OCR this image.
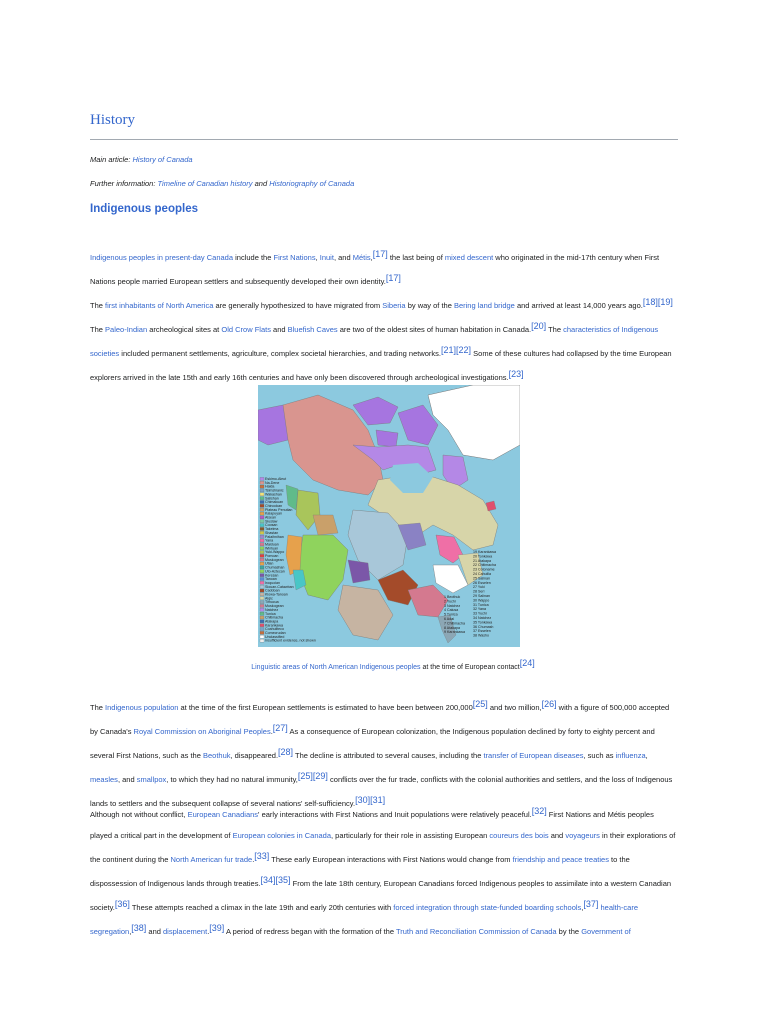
History
Main article: History of Canada
Further information: Timeline of Canadian history and Historiography of Canada
Indigenous peoples

Indigenous peoples in present-day Canada include the First Nations, Inuit, and Métis,[17] the last being of mixed descent who originated in the mid-17th century when First Nations people married European settlers and subsequently developed their own identity.[17]

The first inhabitants of North America are generally hypothesized to have migrated from Siberia by way of the Bering land bridge and arrived at least 14,000 years ago.[18][19] The Paleo-Indian archeological sites at Old Crow Flats and Bluefish Caves are two of the oldest sites of human habitation in Canada.[20] The characteristics of Indigenous societies included permanent settlements, agriculture, complex societal hierarchies, and trading networks.[21][22] Some of these cultures had collapsed by the time European explorers arrived in the late 15th and early 16th centuries and have only been discovered through archeological investigations.[23]

Eskimo-Aleut
Na-Dene
Haida
Tsimshianic
Wakashan
Salishan
Chimakuan
Chinookan
Plateau Penutian
Kalapuyan
Alsean
Siuslaw
Coosan
Takelma
Shastan
Palaihnihan
Yana
Maiduan
Wintuan
Yuki-Wappo
Pomoan
Muskogean
Utian
Chumashan
Uto-Aztecan
Keresan
Tanoan
Iroquoian
Siouan-Catawban
Caddoan
Kiowa-Tanoan
Algic
Timucua
Muskogean
Natchez
Tunica
Chitimacha
Atakapa
Karankawa
Coahuilteco
Comecrudan
Unclassified
Insufficient evidence, not shown
19 Karankawa
20 Tonkawa
21 Atakapa
22 Chitimacha
23 Cotoname
24 Cahuilla
25 Salinan
26 Esselen
27 Yuki
28 Seri
29 Salinan
30 Wappo
31 Tunica
32 Yana
33 Yuchi
34 Natchez
35 Tonkawa
36 Chumash
37 Esselen
38 Washo
1 Beothuk
2 Yuchi
3 Natchez
4 Calusa
5 Tunica
6 Adai
7 Chitimacha
8 Atakapa
9 Karankawa
Linguistic areas of North American Indigenous peoples at the time of European contact[24]

The Indigenous population at the time of the first European settlements is estimated to have been between 200,000[25] and two million,[26] with a figure of 500,000 accepted by Canada's Royal Commission on Aboriginal Peoples.[27] As a consequence of European colonization, the Indigenous population declined by forty to eighty percent and several First Nations, such as the Beothuk, disappeared.[28] The decline is attributed to several causes, including the transfer of European diseases, such as influenza, measles, and smallpox, to which they had no natural immunity,[25][29] conflicts over the fur trade, conflicts with the colonial authorities and settlers, and the loss of Indigenous lands to settlers and the subsequent collapse of several nations' self-sufficiency.[30][31]

Although not without conflict, European Canadians' early interactions with First Nations and Inuit populations were relatively peaceful.[32] First Nations and Métis peoples played a critical part in the development of European colonies in Canada, particularly for their role in assisting European coureurs des bois and voyageurs in their explorations of the continent during the North American fur trade.[33] These early European interactions with First Nations would change from friendship and peace treaties to the dispossession of Indigenous lands through treaties.[34][35] From the late 18th century, European Canadians forced Indigenous peoples to assimilate into a western Canadian society.[36] These attempts reached a climax in the late 19th and early 20th centuries with forced integration through state-funded boarding schools,[37] health-care segregation,[38] and displacement.[39] A period of redress began with the formation of the Truth and Reconciliation Commission of Canada by the Government of
